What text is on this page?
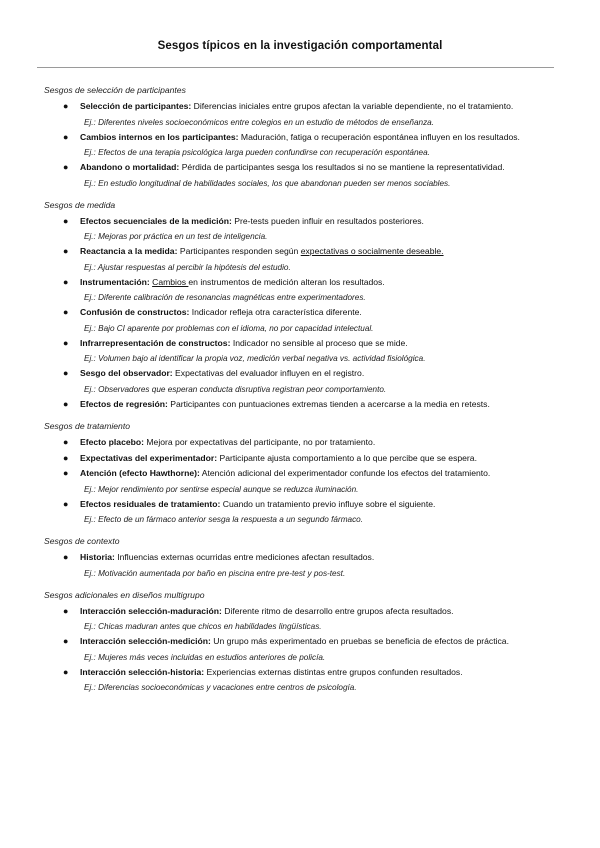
Sesgos típicos en la investigación comportamental
Sesgos de selección de participantes
● Selección de participantes: Diferencias iniciales entre grupos afectan la variable dependiente, no el tratamiento.
Ej.: Diferentes niveles socioeconómicos entre colegios en un estudio de métodos de enseñanza.
● Cambios internos en los participantes: Maduración, fatiga o recuperación espontánea influyen en los resultados.
Ej.: Efectos de una terapia psicológica larga pueden confundirse con recuperación espontánea.
● Abandono o mortalidad: Pérdida de participantes sesga los resultados si no se mantiene la representatividad.
Ej.: En estudio longitudinal de habilidades sociales, los que abandonan pueden ser menos sociables.
Sesgos de medida
● Efectos secuenciales de la medición: Pre-tests pueden influir en resultados posteriores.
Ej.: Mejoras por práctica en un test de inteligencia.
● Reactancia a la medida: Participantes responden según expectativas o socialmente deseable.
Ej.: Ajustar respuestas al percibir la hipótesis del estudio.
● Instrumentación: Cambios en instrumentos de medición alteran los resultados.
Ej.: Diferente calibración de resonancias magnéticas entre experimentadores.
● Confusión de constructos: Indicador refleja otra característica diferente.
Ej.: Bajo CI aparente por problemas con el idioma, no por capacidad intelectual.
● Infrarrepresentación de constructos: Indicador no sensible al proceso que se mide.
Ej.: Volumen bajo al identificar la propia voz, medición verbal negativa vs. actividad fisiológica.
● Sesgo del observador: Expectativas del evaluador influyen en el registro.
Ej.: Observadores que esperan conducta disruptiva registran peor comportamiento.
● Efectos de regresión: Participantes con puntuaciones extremas tienden a acercarse a la media en retests.
Sesgos de tratamiento
● Efecto placebo: Mejora por expectativas del participante, no por tratamiento.
● Expectativas del experimentador: Participante ajusta comportamiento a lo que percibe que se espera.
● Atención (efecto Hawthorne): Atención adicional del experimentador confunde los efectos del tratamiento.
Ej.: Mejor rendimiento por sentirse especial aunque se reduzca iluminación.
● Efectos residuales de tratamiento: Cuando un tratamiento previo influye sobre el siguiente.
Ej.: Efecto de un fármaco anterior sesga la respuesta a un segundo fármaco.
Sesgos de contexto
● Historia: Influencias externas ocurridas entre mediciones afectan resultados.
Ej.: Motivación aumentada por baño en piscina entre pre-test y pos-test.
Sesgos adicionales en diseños multigrupo
● Interacción selección-maduración: Diferente ritmo de desarrollo entre grupos afecta resultados.
Ej.: Chicas maduran antes que chicos en habilidades lingüísticas.
● Interacción selección-medición: Un grupo más experimentado en pruebas se beneficia de efectos de práctica.
Ej.: Mujeres más veces incluidas en estudios anteriores de policía.
● Interacción selección-historia: Experiencias externas distintas entre grupos confunden resultados.
Ej.: Diferencias socioeconómicas y vacaciones entre centros de psicología.
